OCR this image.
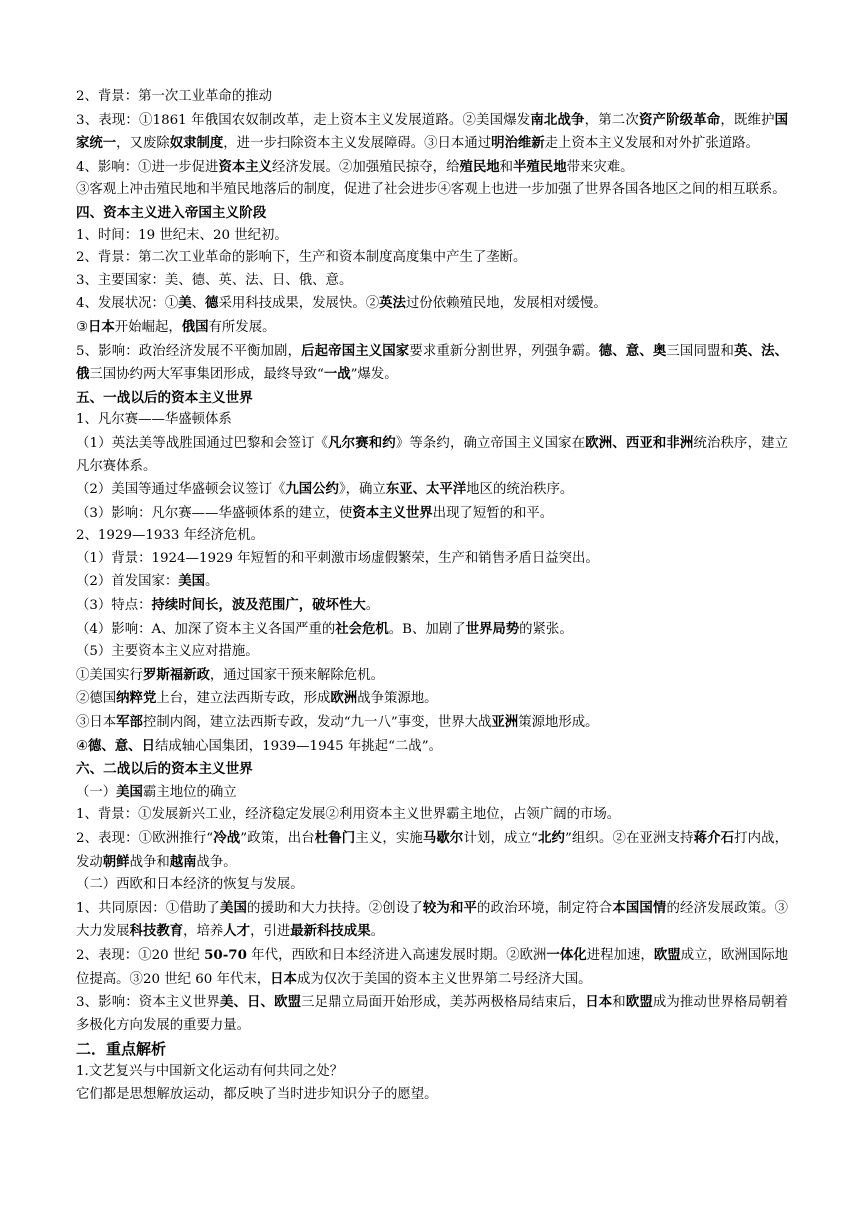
2、背景：第一次工业革命的推动

3、表现：①1861 年俄国农奴制改革，走上资本主义发展道路。②美国爆发南北战争，第二次资产阶级革命，既维护国家统一，又废除奴隶制度，进一步扫除资本主义发展障碍。③日本通过明治维新走上资本主义发展和对外扩张道路。

4、影响：①进一步促进资本主义经济发展。②加强殖民掠夺，给殖民地和半殖民地带来灾难。

③客观上冲击殖民地和半殖民地落后的制度，促进了社会进步④客观上也进一步加强了世界各国各地区之间的相互联系。

四、资本主义进入帝国主义阶段

1、时间：19 世纪末、20 世纪初。

2、背景：第二次工业革命的影响下，生产和资本制度高度集中产生了垄断。

3、主要国家：美、德、英、法、日、俄、意。

4、发展状况：①美、德采用科技成果，发展快。②英法过份依赖殖民地，发展相对缓慢。

③日本开始崛起，俄国有所发展。

5、影响：政治经济发展不平衡加剧，后起帝国主义国家要求重新分割世界，列强争霸。德、意、奥三国同盟和英、法、俄三国协约两大军事集团形成，最终导致“一战”爆发。

五、一战以后的资本主义世界

1、凡尔赛——华盛顿体系

（1）英法美等战胜国通过巴黎和会签订《凡尔赛和约》等条约，确立帝国主义国家在欧洲、西亚和非洲统治秩序，建立凡尔赛体系。

（2）美国等通过华盛顿会议签订《九国公约》，确立东亚、太平洋地区的统治秩序。

（3）影响：凡尔赛——华盛顿体系的建立，使资本主义世界出现了短暂的和平。

2、1929—1933 年经济危机。

（1）背景：1924—1929 年短暂的和平刺激市场虚假繁荣，生产和销售矛盾日益突出。

（2）首发国家：美国。

（3）特点：持续时间长，波及范围广，破坏性大。

（4）影响：A、加深了资本主义各国严重的社会危机。B、加剧了世界局势的紧张。

（5）主要资本主义应对措施。

①美国实行罗斯福新政，通过国家干预来解除危机。

②德国纳粹党上台，建立法西斯专政，形成欧洲战争策源地。

③日本军部控制内阁，建立法西斯专政，发动“九一八”事变，世界大战亚洲策源地形成。

④德、意、日结成轴心国集团，1939—1945 年挑起“二战”。

六、二战以后的资本主义世界

（一）美国霸主地位的确立

1、背景：①发展新兴工业，经济稳定发展②利用资本主义世界霸主地位，占领广阔的市场。

2、表现：①欧洲推行“冷战”政策，出台杜鲁门主义，实施马歇尔计划，成立“北约”组织。②在亚洲支持蒋介石打内战，发动朝鲜战争和越南战争。

（二）西欧和日本经济的恢复与发展。

1、共同原因：①借助了美国的援助和大力扶持。②创设了较为和平的政治环境，制定符合本国国情的经济发展政策。③大力发展科技教育，培养人才，引进最新科技成果。

2、表现：①20 世纪 50-70 年代，西欧和日本经济进入高速发展时期。②欧洲一体化进程加速，欧盟成立，欧洲国际地位提高。③20 世纪 60 年代末，日本成为仅次于美国的资本主义世界第二号经济大国。

3、影响：资本主义世界美、日、欧盟三足鼎立局面开始形成，美苏两极格局结束后，日本和欧盟成为推动世界格局朝着多极化方向发展的重要力量。

二．重点解析

1.文艺复兴与中国新文化运动有何共同之处？

它们都是思想解放运动，都反映了当时进步知识分子的愿望。
